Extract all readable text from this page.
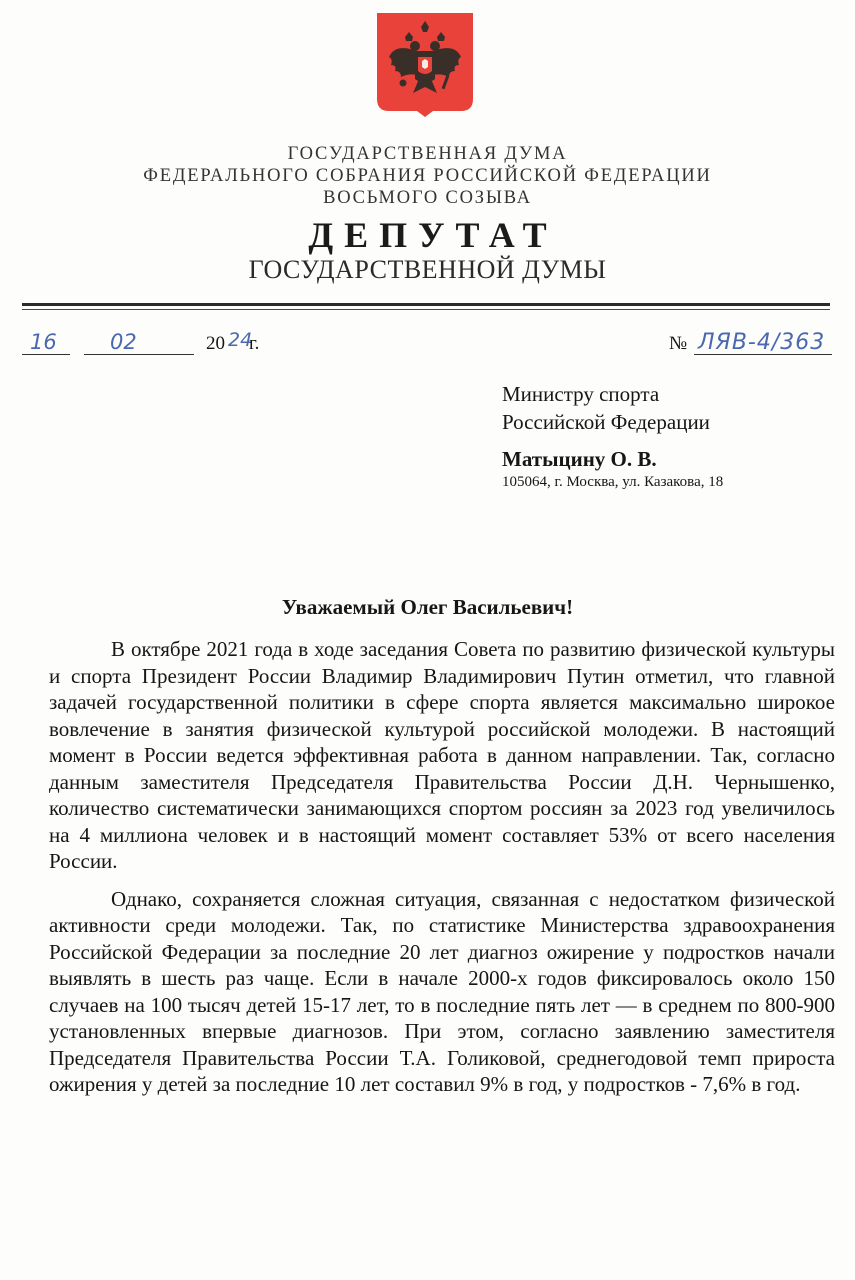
ГОСУДАРСТВЕННАЯ ДУМА
ФЕДЕРАЛЬНОГО СОБРАНИЯ РОССИЙСКОЙ ФЕДЕРАЦИИ
ВОСЬМОГО СОЗЫВА
ДЕПУТАТ
ГОСУДАРСТВЕННОЙ ДУМЫ
16	02	20 24
г.	№ ЛЯВ-4/363
Министру спорта
Российской Федерации
Матыцину О. В.
105064, г. Москва, ул. Казакова, 18
Уважаемый Олег Васильевич!

В октябре 2021 года в ходе заседания Совета по развитию физической культуры и спорта Президент России Владимир Владимирович Путин отметил, что главной задачей государственной политики в сфере спорта является максимально широкое вовлечение в занятия физической культурой российской молодежи. В настоящий момент в России ведется эффективная работа в данном направлении. Так, согласно данным заместителя Председателя Правительства России Д.Н. Чернышенко, количество систематически занимающихся спортом россиян за 2023 год увеличилось на 4 миллиона человек и в настоящий момент составляет 53% от всего населения России.

Однако, сохраняется сложная ситуация, связанная с недостатком физической активности среди молодежи. Так, по статистике Министерства здравоохранения Российской Федерации за последние 20 лет диагноз ожирение у подростков начали выявлять в шесть раз чаще. Если в начале 2000-х годов фиксировалось около 150 случаев на 100 тысяч детей 15-17 лет, то в последние пять лет — в среднем по 800-900 установленных впервые диагнозов. При этом, согласно заявлению заместителя Председателя Правительства России Т.А. Голиковой, среднегодовой темп прироста ожирения у детей за последние 10 лет составил 9% в год, у подростков - 7,6% в год.
